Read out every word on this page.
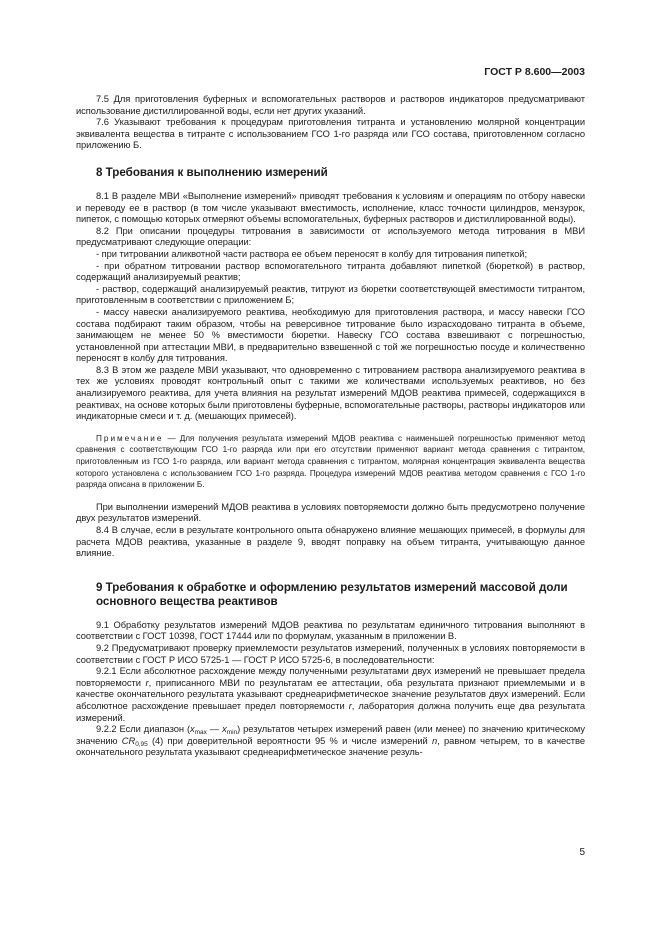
ГОСТ Р 8.600—2003

7.5 Для приготовления буферных и вспомогательных растворов и растворов индикаторов предусматривают использование дистиллированной воды, если нет других указаний.

7.6 Указывают требования к процедурам приготовления титранта и установлению молярной концентрации эквивалента вещества в титранте с использованием ГСО 1-го разряда или ГСО состава, приготовленном согласно приложению Б.

8 Требования к выполнению измерений

8.1 В разделе МВИ «Выполнение измерений» приводят требования к условиям и операциям по отбору навески и переводу ее в раствор (в том числе указывают вместимость, исполнение, класс точности цилиндров, мензурок, пипеток, с помощью которых отмеряют объемы вспомогательных, буферных растворов и дистиллированной воды).

8.2 При описании процедуры титрования в зависимости от используемого метода титрования в МВИ предусматривают следующие операции:

- при титровании аликвотной части раствора ее объем переносят в колбу для титрования пипеткой;

- при обратном титровании раствор вспомогательного титранта добавляют пипеткой (бюреткой) в раствор, содержащий анализируемый реактив;

- раствор, содержащий анализируемый реактив, титруют из бюретки соответствующей вместимости титрантом, приготовленным в соответствии с приложением Б;

- массу навески анализируемого реактива, необходимую для приготовления раствора, и массу навески ГСО состава подбирают таким образом, чтобы на реверсивное титрование было израсходовано титранта в объеме, занимающем не менее 50 % вместимости бюретки. Навеску ГСО состава взвешивают с погрешностью, установленной при аттестации МВИ, в предварительно взвешенной с той же погрешностью посуде и количественно переносят в колбу для титрования.

8.3 В этом же разделе МВИ указывают, что одновременно с титрованием раствора анализируемого реактива в тех же условиях проводят контрольный опыт с такими же количествами используемых реактивов, но без анализируемого реактива, для учета влияния на результат измерений МДОВ реактива примесей, содержащихся в реактивах, на основе которых были приготовлены буферные, вспомогательные растворы, растворы индикаторов или индикаторные смеси и т. д. (мешающих примесей).

Примечание — Для получения результата измерений МДОВ реактива с наименьшей погрешностью применяют метод сравнения с соответствующим ГСО 1-го разряда или при его отсутствии применяют вариант метода сравнения с титрантом, приготовленным из ГСО 1-го разряда, или вариант метода сравнения с титрантом, молярная концентрация эквивалента вещества которого установлена с использованием ГСО 1-го разряда. Процедура измерений МДОВ реактива методом сравнения с ГСО 1-го разряда описана в приложении Б.

При выполнении измерений МДОВ реактива в условиях повторяемости должно быть предусмотрено получение двух результатов измерений.

8.4 В случае, если в результате контрольного опыта обнаружено влияние мешающих примесей, в формулы для расчета МДОВ реактива, указанные в разделе 9, вводят поправку на объем титранта, учитывающую данное влияние.

9 Требования к обработке и оформлению результатов измерений массовой доли основного вещества реактивов

9.1 Обработку результатов измерений МДОВ реактива по результатам единичного титрования выполняют в соответствии с ГОСТ 10398, ГОСТ 17444 или по формулам, указанным в приложении В.

9.2 Предусматривают проверку приемлемости результатов измерений, полученных в условиях повторяемости в соответствии с ГОСТ Р ИСО 5725-1 — ГОСТ Р ИСО 5725-6, в последовательности:

9.2.1 Если абсолютное расхождение между полученными результатами двух измерений не превышает предела повторяемости r, приписанного МВИ по результатам ее аттестации, оба результата признают приемлемыми и в качестве окончательного результата указывают среднеарифметическое значение результатов двух измерений. Если абсолютное расхождение превышает предел повторяемости r, лаборатория должна получить еще два результата измерений.

9.2.2 Если диапазон ($x_{max}$ — $x_{min}$) результатов четырех измерений равен (или менее) по значению критическому значению $CR_{0,95}$ (4) при доверительной вероятности 95 % и числе измерений n, равном четырем, то в качестве окончательного результата указывают среднеарифметическое значение резуль-

5
